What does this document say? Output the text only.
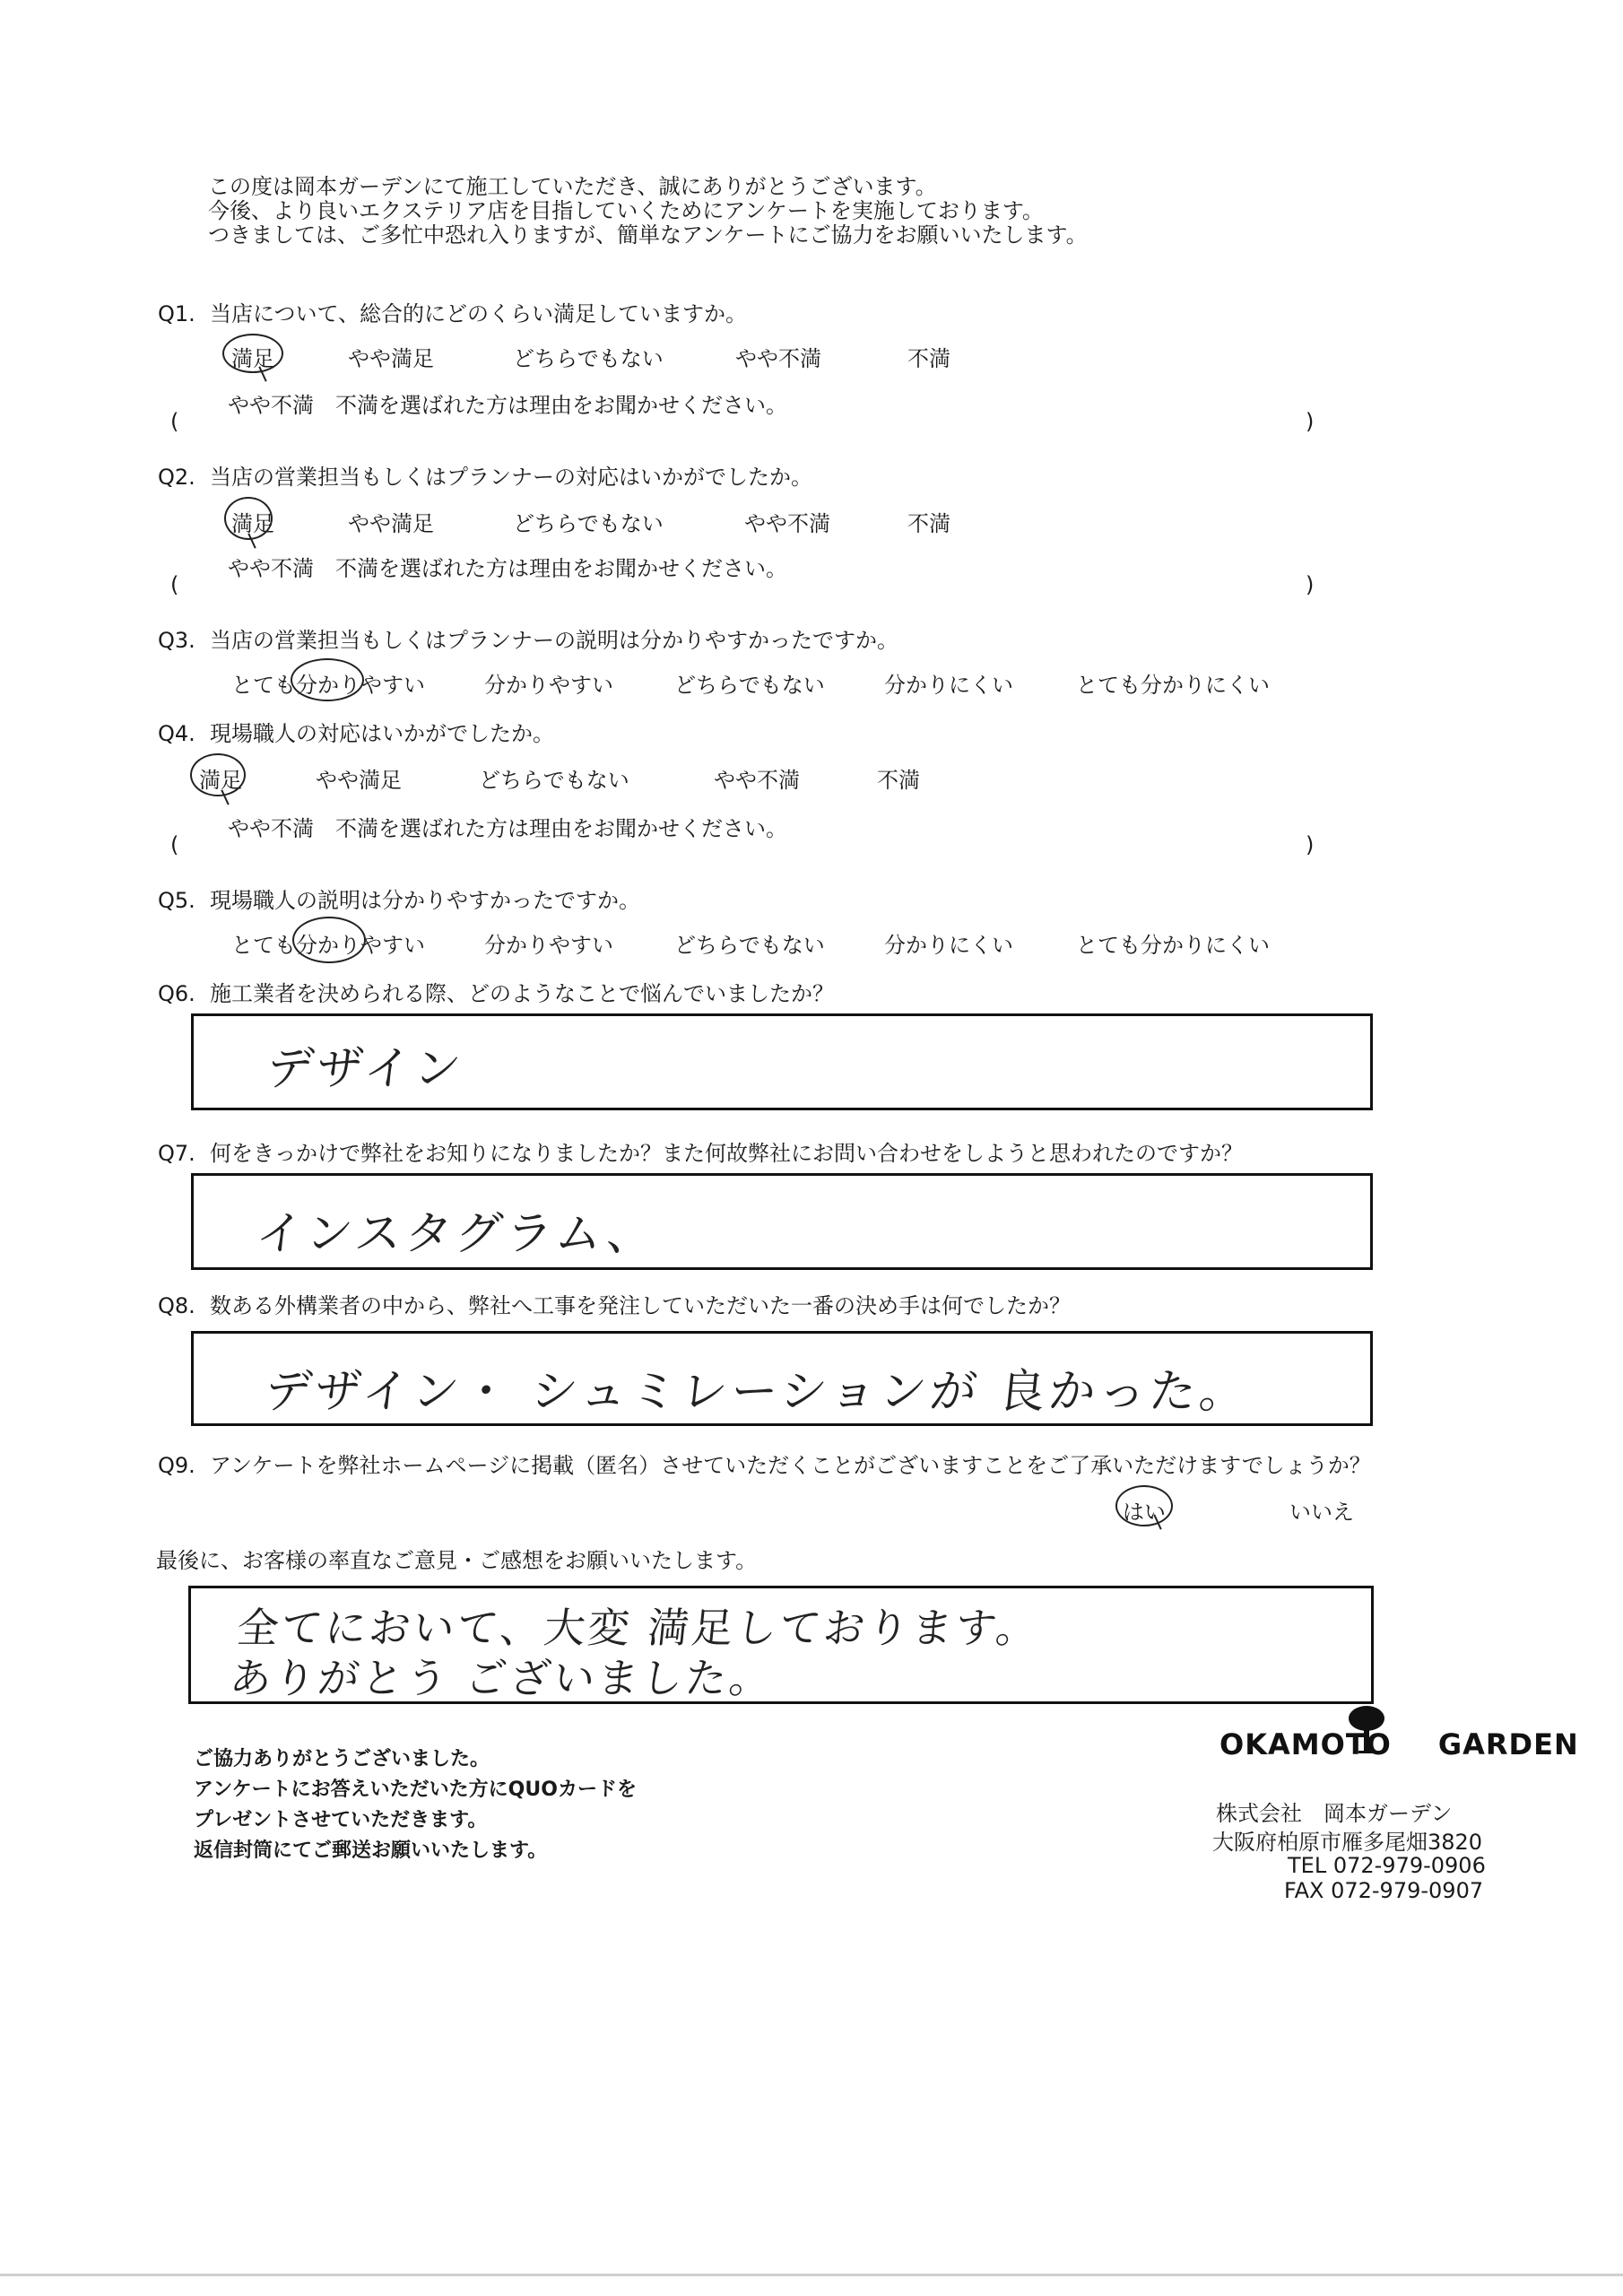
この度は岡本ガーデンにて施工していただき、誠にありがとうございます。
今後、より良いエクステリア店を目指していくためにアンケートを実施しております。
つきましては、ご多忙中恐れ入りますが、簡単なアンケートにご協力をお願いいたします。
Q1. 当店について、総合的にどのくらい満足していますか。
満足	やや満足	どちらでもない	やや不満	不満
やや不満　不満を選ばれた方は理由をお聞かせください。
(	)
Q2. 当店の営業担当もしくはプランナーの対応はいかがでしたか。
満足	やや満足	どちらでもない	やや不満	不満
やや不満　不満を選ばれた方は理由をお聞かせください。
(	)
Q3. 当店の営業担当もしくはプランナーの説明は分かりやすかったですか。
とても分かりやすい	分かりやすい	どちらでもない	分かりにくい	とても分かりにくい
Q4. 現場職人の対応はいかがでしたか。
満足	やや満足	どちらでもない	やや不満	不満
やや不満　不満を選ばれた方は理由をお聞かせください。
(	)
Q5. 現場職人の説明は分かりやすかったですか。
とても分かりやすい	分かりやすい	どちらでもない	分かりにくい	とても分かりにくい
Q6. 施工業者を決められる際、どのようなことで悩んでいましたか？
デザイン
Q7. 何をきっかけで弊社をお知りになりましたか？また何故弊社にお問い合わせをしようと思われたのですか？
インスタグラム、
Q8. 数ある外構業者の中から、弊社へ工事を発注していただいた一番の決め手は何でしたか？
デザイン・ シュミレーションが 良かった。
Q9. アンケートを弊社ホームページに掲載（匿名）させていただくことがございますことをご了承いただけますでしょうか？
はい	いいえ
最後に、お客様の率直なご意見・ご感想をお願いいたします。
全てにおいて、大変 満足しております。
ありがとう ございました。
ご協力ありがとうございました。
アンケートにお答えいただいた方にQUOカードを
プレゼントさせていただきます。
返信封筒にてご郵送お願いいたします。
OKAMOTO GARDEN
株式会社　岡本ガーデン
大阪府柏原市雁多尾畑3820
TEL 072-979-0906
FAX 072-979-0907
